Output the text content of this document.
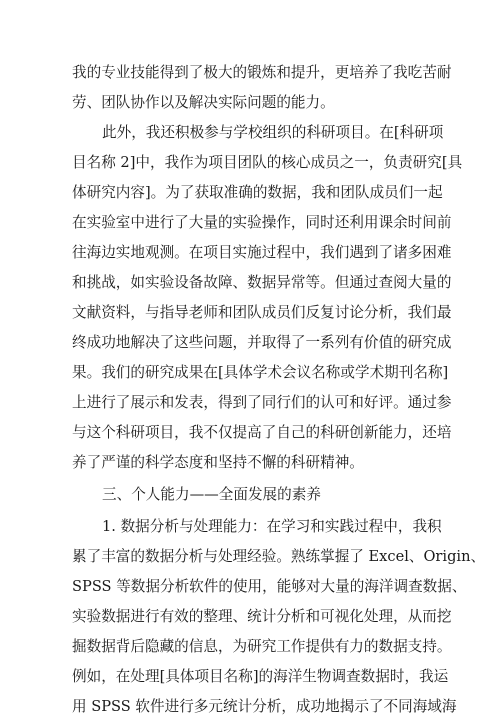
我的专业技能得到了极大的锻炼和提升，更培养了我吃苦耐
劳、团队协作以及解决实际问题的能力。
此外，我还积极参与学校组织的科研项目。在[科研项
目名称 2]中，我作为项目团队的核心成员之一，负责研究[具
体研究内容]。为了获取准确的数据，我和团队成员们一起
在实验室中进行了大量的实验操作，同时还利用课余时间前
往海边实地观测。在项目实施过程中，我们遇到了诸多困难
和挑战，如实验设备故障、数据异常等。但通过查阅大量的
文献资料，与指导老师和团队成员们反复讨论分析，我们最
终成功地解决了这些问题，并取得了一系列有价值的研究成
果。我们的研究成果在[具体学术会议名称或学术期刊名称]
上进行了展示和发表，得到了同行们的认可和好评。通过参
与这个科研项目，我不仅提高了自己的科研创新能力，还培
养了严谨的科学态度和坚持不懈的科研精神。
三、个人能力——全面发展的素养
1. 数据分析与处理能力：在学习和实践过程中，我积
累了丰富的数据分析与处理经验。熟练掌握了 Excel、Origin、
SPSS 等数据分析软件的使用，能够对大量的海洋调查数据、
实验数据进行有效的整理、统计分析和可视化处理，从而挖
掘数据背后隐藏的信息，为研究工作提供有力的数据支持。
例如，在处理[具体项目名称]的海洋生物调查数据时，我运
用 SPSS 软件进行多元统计分析，成功地揭示了不同海域海
